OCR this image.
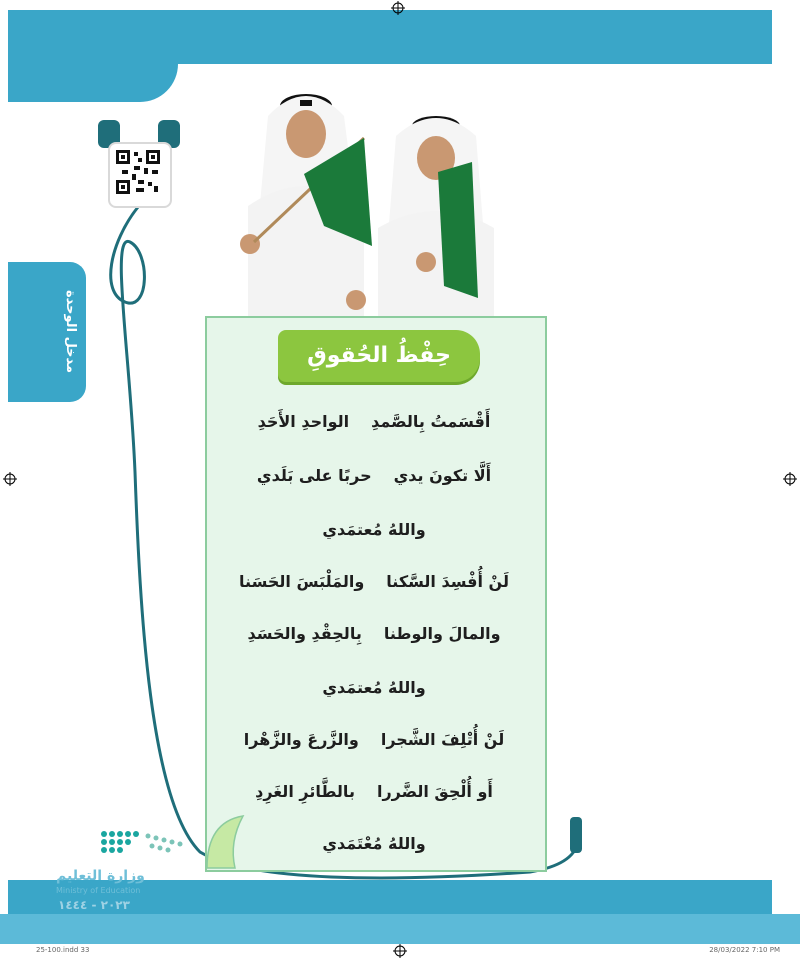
مدخل الوحدة	حِفْظُ الحُقوقِ
أَقْسَمتُ بِالصَّمدِالواحدِ الأَحَدِ
أَلَّا تكونَ يديحربًا على بَلَدي
واللهُ مُعتمَدي
لَنْ أُفْسِدَ السَّكناوالمَلْبَسَ الحَسَنا
والمالَ والوطنابِالحِقْدِ والحَسَدِ
واللهُ مُعتمَدي
لَنْ أُتْلِفَ الشَّجراوالزَّرعَ والزَّهْرا
أَو أُلْحِقَ الضَّررابالطَّائرِ الغَرِدِ
واللهُ مُعْتَمَدي
وزارة التعليم
Ministry of Education
٢٠٢٣ - ١٤٤٤
25-100.indd 33	28/03/2022 7:10 PM
